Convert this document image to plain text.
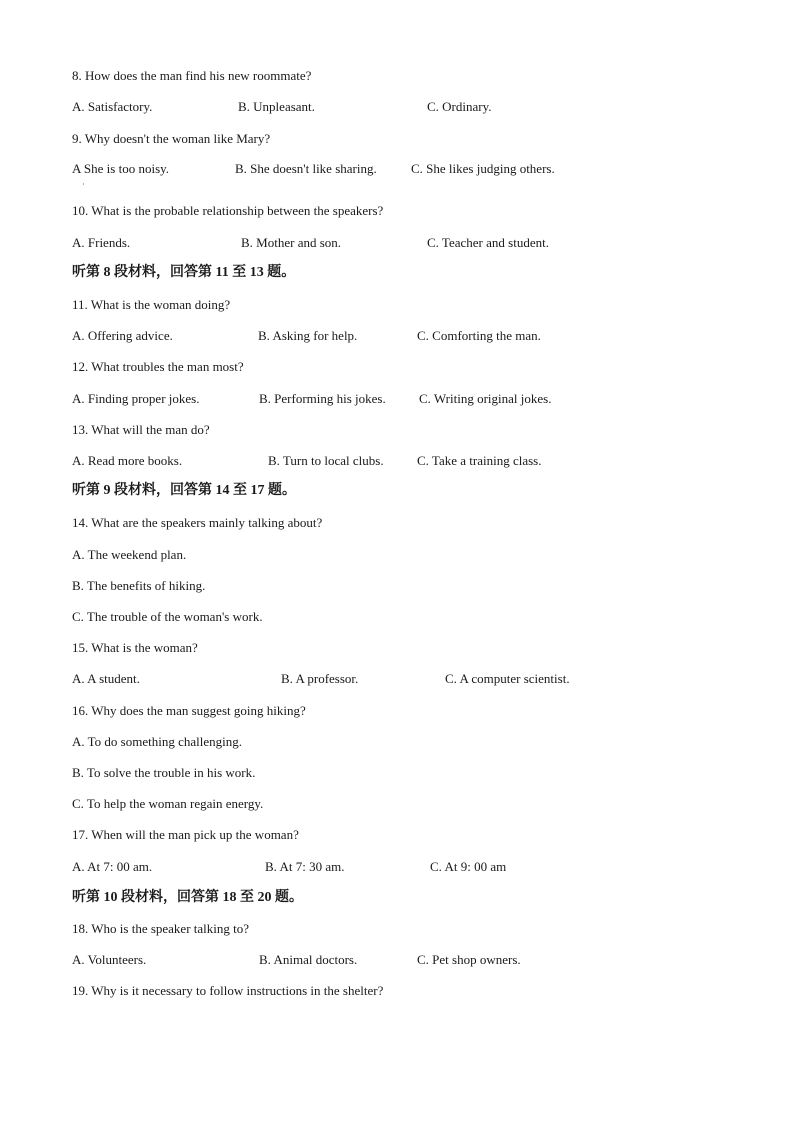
8. How does the man find his new roommate?
A. Satisfactory.	B. Unpleasant.	C. Ordinary.
9. Why doesn't the woman like Mary?
A She is too noisy.
·
B. She doesn't like sharing.	C. She likes judging others.
10. What is the probable relationship between the speakers?
A. Friends.	B. Mother and son.	C. Teacher and student.
听第 8 段材料，回答第 11 至 13 题。
11. What is the woman doing?
A. Offering advice.	B. Asking for help.	C. Comforting the man.
12. What troubles the man most?
A. Finding proper jokes.	B. Performing his jokes.	C. Writing original jokes.
13. What will the man do?
A. Read more books.	B. Turn to local clubs.	C. Take a training class.
听第 9 段材料，回答第 14 至 17 题。
14. What are the speakers mainly talking about?
A. The weekend plan.
B. The benefits of hiking.
C. The trouble of the woman's work.
15. What is the woman?
A. A student.	B. A professor.	C. A computer scientist.
16. Why does the man suggest going hiking?
A. To do something challenging.
B. To solve the trouble in his work.
C. To help the woman regain energy.
17. When will the man pick up the woman?
A. At 7: 00 am.	B. At 7: 30 am.	C. At 9: 00 am
听第 10 段材料，回答第 18 至 20 题。
18. Who is the speaker talking to?
A. Volunteers.	B. Animal doctors.	C. Pet shop owners.
19. Why is it necessary to follow instructions in the shelter?
